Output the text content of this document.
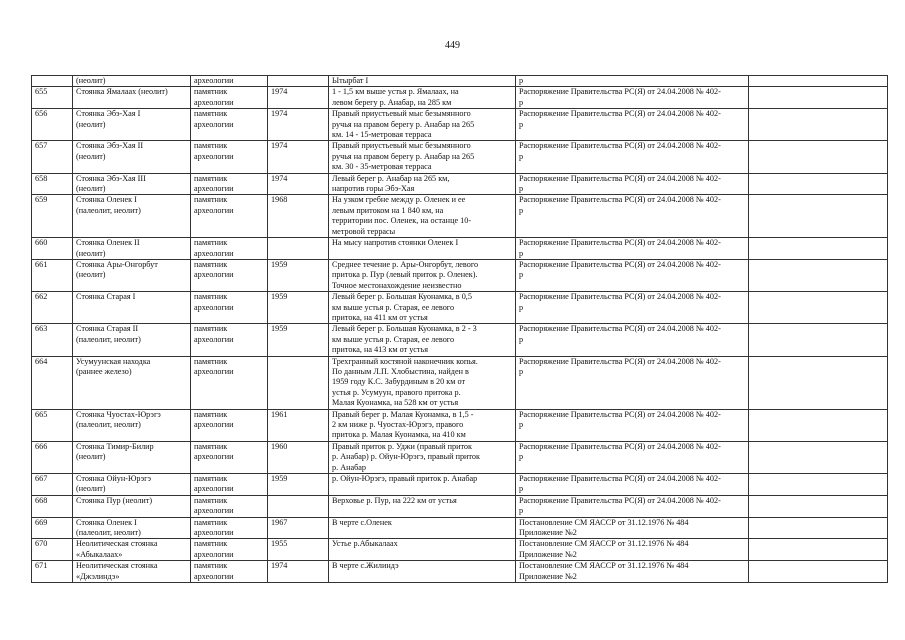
449

	(неолит)	археологии		Ытырбат I	р	

655	Стоянка Ямалаах (неолит)	памятник
археологии	1974	1 - 1,5 км выше устья р. Ямалаах, на
левом берегу р. Анабар, на 285 км	Распоряжение Правительства РС(Я) от 24.04.2008 № 402-
р	

656	Стоянка Эбэ-Хая I
(неолит)	памятник
археологии	1974	Правый приустьевый мыс безымянного
ручья на правом берегу р. Анабар на 265
км. 14 - 15-метровая терраса	Распоряжение Правительства РС(Я) от 24.04.2008 № 402-
р	

657	Стоянка Эбэ-Хая II
(неолит)	памятник
археологии	1974	Правый приустьевый мыс безымянного
ручья на правом берегу р. Анабар на 265
км. 30 - 35-метровая терраса	Распоряжение Правительства РС(Я) от 24.04.2008 № 402-
р	

658	Стоянка Эбэ-Хая III
(неолит)	памятник
археологии	1974	Левый берег р. Анабар на 265 км,
напротив горы Эбэ-Хая	Распоряжение Правительства РС(Я) от 24.04.2008 № 402-
р	

659	Стоянка Оленек I
(палеолит, неолит)	памятник
археологии	1968	На узком гребне между р. Оленек и ее
левым притоком на 1 840 км, на
территории пос. Оленек, на останце 10-
метровой террасы	Распоряжение Правительства РС(Я) от 24.04.2008 № 402-
р	

660	Стоянка Оленек II
(неолит)	памятник
археологии		На мысу напротив стоянки Оленек I	Распоряжение Правительства РС(Я) от 24.04.2008 № 402-
р	

661	Стоянка Ары-Онгорбут
(неолит)	памятник
археологии	1959	Среднее течение р. Ары-Онгорбут, левого
притока р. Пур (левый приток р. Оленек).
Точное местонахождение неизвестно	Распоряжение Правительства РС(Я) от 24.04.2008 № 402-
р	

662	Стоянка Старая I	памятник
археологии	1959	Левый берег р. Большая Куонамка, в 0,5
км выше устья р. Старая, ее левого
притока, на 411 км от устья	Распоряжение Правительства РС(Я) от 24.04.2008 № 402-
р	

663	Стоянка Старая II
(палеолит, неолит)	памятник
археологии	1959	Левый берег р. Большая Куонамка, в 2 - 3
км выше устья р. Старая, ее левого
притока, на 413 км от устья	Распоряжение Правительства РС(Я) от 24.04.2008 № 402-
р	

664	Усумуунская находка
(раннее железо)	памятник
археологии		Трехгранный костяной наконечник копья.
По данным Л.П. Хлобыстина, найден в
1959 году К.С. Забурдиным в 20 км от
устья р. Усумуун, правого притока р.
Малая Куонамка, на 528 км от устья	Распоряжение Правительства РС(Я) от 24.04.2008 № 402-
р	

665	Стоянка Чуостах-Юрэгэ
(палеолит, неолит)	памятник
археологии	1961	Правый берег р. Малая Куонамка, в 1,5 -
2 км ниже р. Чуостах-Юрэгэ, правого
притока р. Малая Куонамка, на 410 км	Распоряжение Правительства РС(Я) от 24.04.2008 № 402-
р	

666	Стоянка Тимир-Билир
(неолит)	памятник
археологии	1960	Правый приток р. Уджи (правый приток
р. Анабар) р. Ойун-Юрэгэ, правый приток
р. Анабар	Распоряжение Правительства РС(Я) от 24.04.2008 № 402-
р	

667	Стоянка Ойун-Юрэгэ
(неолит)	памятник
археологии	1959	р. Ойун-Юрэгэ, правый приток р. Анабар	Распоряжение Правительства РС(Я) от 24.04.2008 № 402-
р	

668	Стоянка Пур (неолит)	памятник
археологии		Верховье р. Пур, на 222 км от устья	Распоряжение Правительства РС(Я) от 24.04.2008 № 402-
р	

669	Стоянка Оленек I
(палеолит, неолит)	памятник
археологии	1967	В черте с.Оленек	Постановление СМ ЯАССР от 31.12.1976 № 484
Приложение №2	

670	Неолитическая стоянка
«Абыкалаах»	памятник
археологии	1955	Устье р.Абыкалаах	Постановление СМ ЯАССР от 31.12.1976 № 484
Приложение №2	

671	Неолитическая стоянка
«Джэлиндэ»	памятник
археологии	1974	В черте с.Жилиндэ	Постановление СМ ЯАССР от 31.12.1976 № 484
Приложение №2	
